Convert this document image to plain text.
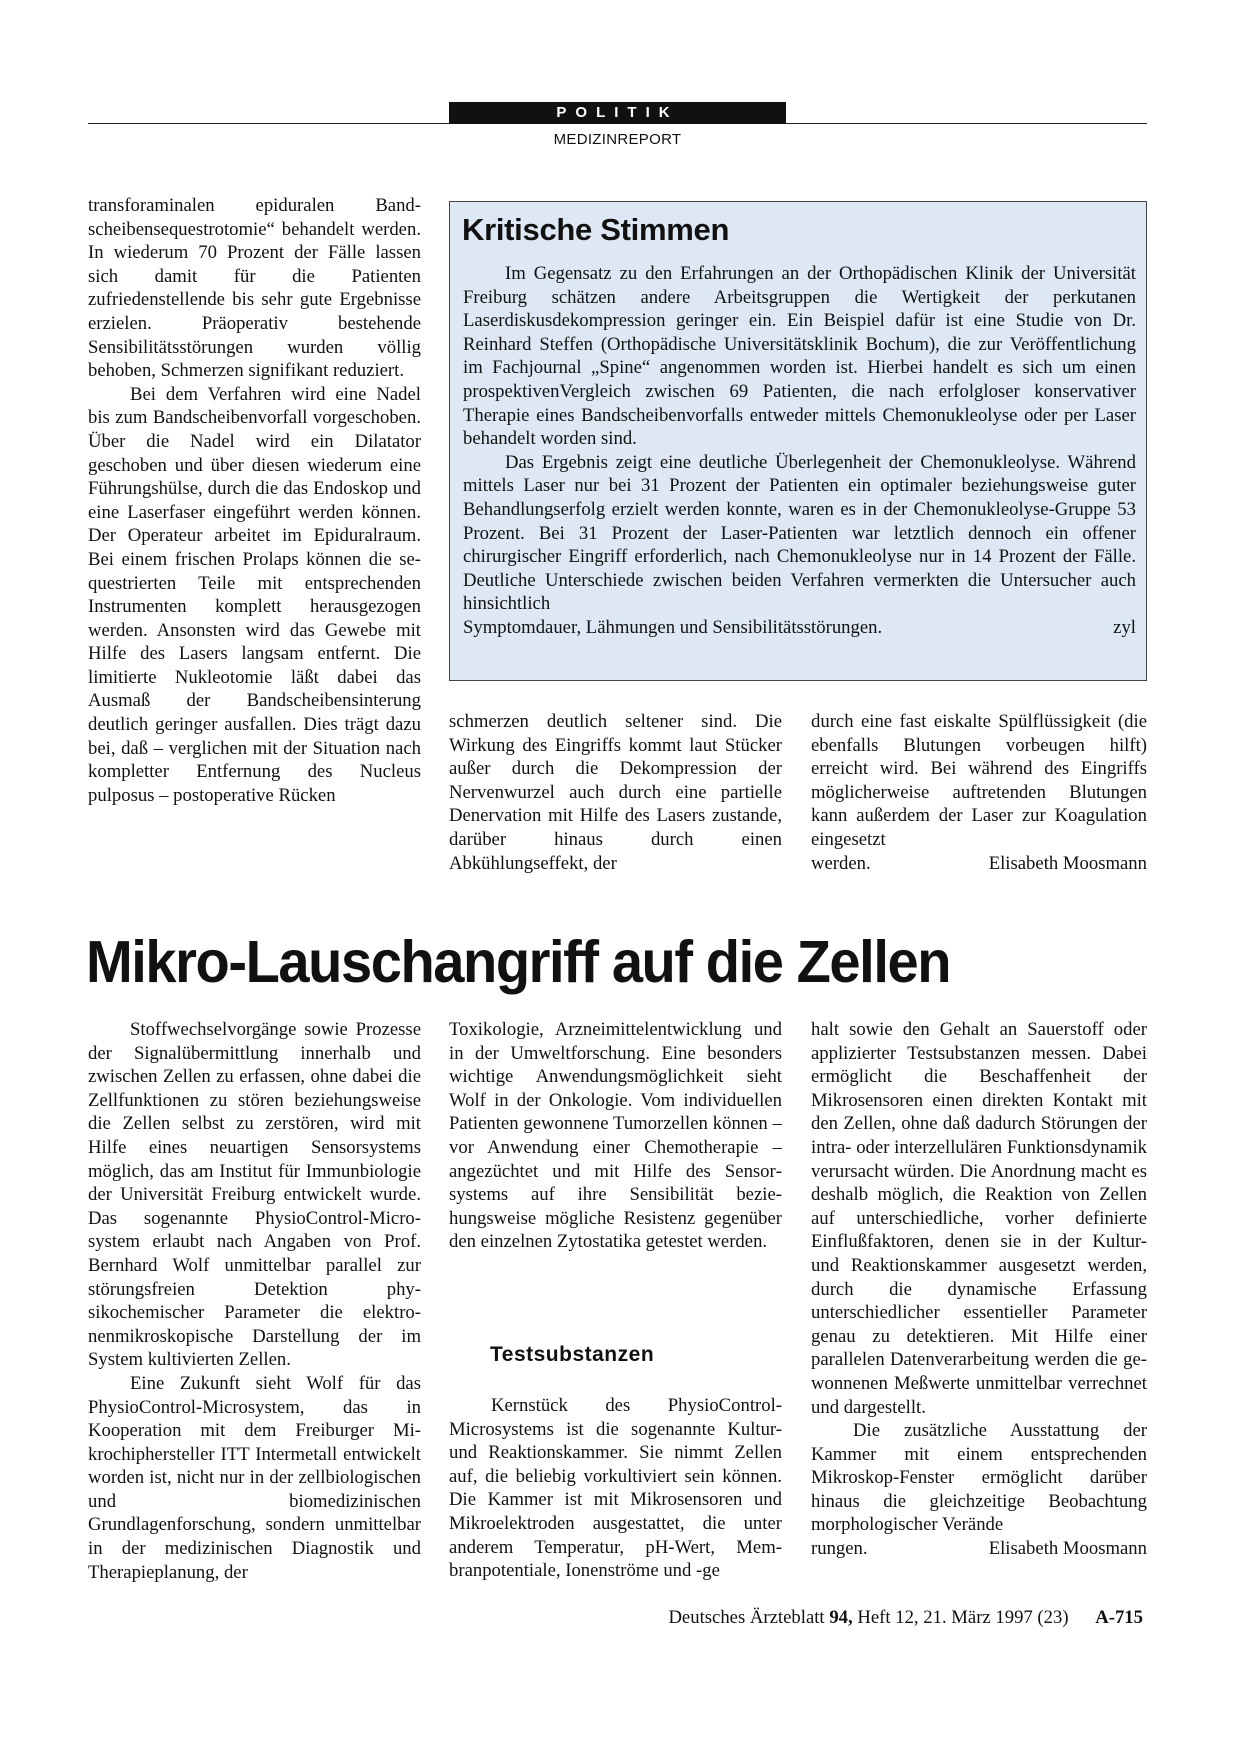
POLITIK
MEDIZINREPORT

transforaminalen epiduralen Bandscheibensequestrotomie“ behandelt werden. In wiederum 70 Prozent der Fälle lassen sich damit für die Patienten zufriedenstellende bis sehr gute Ergebnisse erzielen. Präoperativ bestehende Sensibilitätsstörungen wurden völlig behoben, Schmerzen signifikant reduziert.

Bei dem Verfahren wird eine Nadel bis zum Bandscheibenvorfall vorgeschoben. Über die Nadel wird ein Dilatator geschoben und über diesen wiederum eine Führungshülse, durch die das Endoskop und eine Laserfaser eingeführt werden können. Der Operateur arbeitet im Epiduralraum. Bei einem frischen Prolaps können die sequestrierten Teile mit entsprechenden Instrumenten komplett herausgezogen werden. Ansonsten wird das Gewebe mit Hilfe des Lasers langsam entfernt. Die limitierte Nukleotomie läßt dabei das Ausmaß der Bandscheibensinterung deutlich geringer ausfallen. Dies trägt dazu bei, daß – verglichen mit der Situation nach kompletter Entfernung des Nucleus pulposus – postoperative Rücken

Kritische Stimmen

Im Gegensatz zu den Erfahrungen an der Orthopädischen Klinik der Universität Freiburg schätzen andere Arbeitsgruppen die Wertigkeit der perkutanen Laserdiskusdekompression geringer ein. Ein Beispiel dafür ist eine Studie von Dr. Reinhard Steffen (Orthopädische Universitätsklinik Bochum), die zur Veröffentlichung im Fachjournal „Spine“ angenommen worden ist. Hierbei handelt es sich um einen prospektivenVergleich zwischen 69 Patienten, die nach erfolgloser konservativer Therapie eines Bandscheibenvorfalls entweder mittels Chemonukleolyse oder per Laser behandelt worden sind.

Das Ergebnis zeigt eine deutliche Überlegenheit der Chemonukleolyse. Während mittels Laser nur bei 31 Prozent der Patienten ein optimaler beziehungsweise guter Behandlungserfolg erzielt werden konnte, waren es in der Chemonukleolyse-Gruppe 53 Prozent. Bei 31 Prozent der Laser-Patienten war letztlich dennoch ein offener chirurgischer Eingriff erforderlich, nach Chemonukleolyse nur in 14 Prozent der Fälle. Deutliche Unterschiede zwischen beiden Verfahren vermerkten die Untersucher auch hinsichtlich

Symptomdauer, Lähmungen und Sensibilitätsstörungen.	zyl

schmerzen deutlich seltener sind. Die Wirkung des Eingriffs kommt laut Stücker außer durch die Dekompression der Nervenwurzel auch durch eine partielle Denervation mit Hilfe des Lasers zustande, darüber hinaus durch einen Abkühlungseffekt, der

durch eine fast eiskalte Spülflüssigkeit (die ebenfalls Blutungen vorbeugen hilft) erreicht wird. Bei während des Eingriffs möglicherweise auftretenden Blutungen kann außerdem der Laser zur Koagulation eingesetzt

werden.	Elisabeth Moosmann
Mikro-Lauschangriff auf die Zellen

Stoffwechselvorgänge sowie Prozesse der Signalübermittlung innerhalb und zwischen Zellen zu erfassen, ohne dabei die Zellfunktionen zu stören beziehungsweise die Zellen selbst zu zerstören, wird mit Hilfe eines neuartigen Sensorsystems möglich, das am Institut für Immunbiologie der Universität Freiburg entwickelt wurde. Das sogenannte PhysioControl-Microsystem erlaubt nach Angaben von Prof. Bernhard Wolf unmittelbar parallel zur störungsfreien Detektion physikochemischer Parameter die elektronenmikroskopische Darstellung der im System kultivierten Zellen.

Eine Zukunft sieht Wolf für das PhysioControl-Microsystem, das in Kooperation mit dem Freiburger Mikrochiphersteller ITT Intermetall entwickelt worden ist, nicht nur in der zellbiologischen und biomedizinischen Grundlagenforschung, sondern unmittelbar in der medizinischen Diagnostik und Therapieplanung, der

Toxikologie, Arzneimittelentwicklung und in der Umweltforschung. Eine besonders wichtige Anwendungsmöglichkeit sieht Wolf in der Onkologie. Vom individuellen Patienten gewonnene Tumorzellen können – vor Anwendung einer Chemotherapie – angezüchtet und mit Hilfe des Sensorsystems auf ihre Sensibilität beziehungsweise mögliche Resistenz gegenüber den einzelnen Zytostatika getestet werden.

Testsubstanzen

Kernstück des PhysioControl-Microsystems ist die sogenannte Kultur- und Reaktionskammer. Sie nimmt Zellen auf, die beliebig vorkultiviert sein können. Die Kammer ist mit Mikrosensoren und Mikroelektroden ausgestattet, die unter anderem Temperatur, pH-Wert, Membranpotentiale, Ionenströme und -ge

halt sowie den Gehalt an Sauerstoff oder applizierter Testsubstanzen messen. Dabei ermöglicht die Beschaffenheit der Mikrosensoren einen direkten Kontakt mit den Zellen, ohne daß dadurch Störungen der intra- oder interzellulären Funktionsdynamik verursacht würden. Die Anordnung macht es deshalb möglich, die Reaktion von Zellen auf unterschiedliche, vorher definierte Einflußfaktoren, denen sie in der Kultur- und Reaktionskammer ausgesetzt werden, durch die dynamische Erfassung unterschiedlicher essentieller Parameter genau zu detektieren. Mit Hilfe einer parallelen Datenverarbeitung werden die gewonnenen Meßwerte unmittelbar verrechnet und dargestellt.

Die zusätzliche Ausstattung der Kammer mit einem entsprechenden Mikroskop-Fenster ermöglicht darüber hinaus die gleichzeitige Beobachtung morphologischer Verände

rungen.	Elisabeth Moosmann
Deutsches Ärzteblatt 94, Heft 12, 21. März 1997 (23) A-715
